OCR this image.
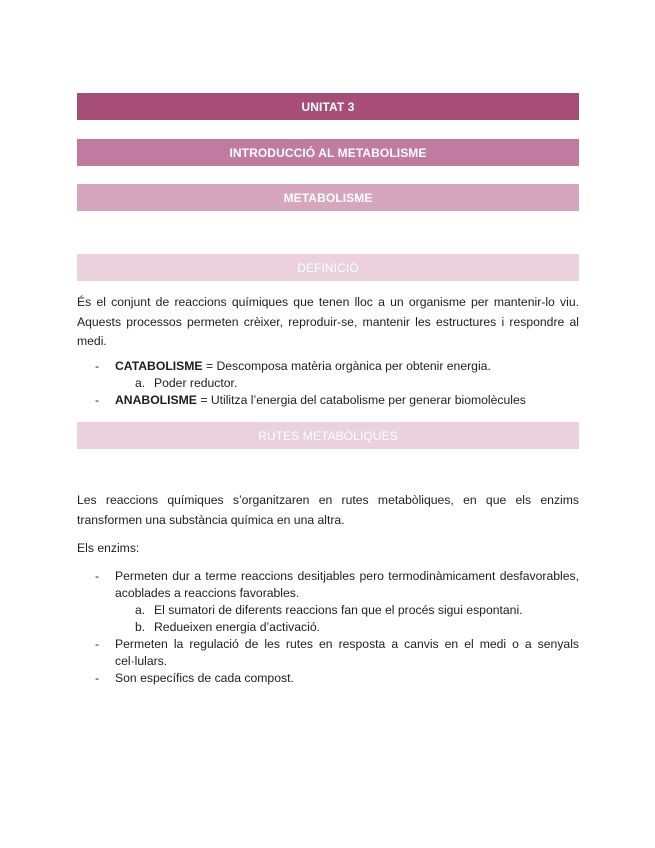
UNITAT 3
INTRODUCCIÓ AL METABOLISME
METABOLISME
DEFINICIÓ

És el conjunt de reaccions químiques que tenen lloc a un organisme per mantenir-lo viu. Aquests processos permeten crèixer, reproduir-se, mantenir les estructures i respondre al medi.

- CATABOLISME = Descomposa matèria orgànica per obtenir energia.
a. Poder reductor.
- ANABOLISME = Utilitza l’energia del catabolisme per generar biomolècules
RUTES METABÒLIQUES

Les reaccions químiques s’organitzaren en rutes metabòliques, en que els enzims transformen una substància química en una altra.

Els enzims:

- Permeten dur a terme reaccions desitjables pero termodinàmicament desfavorables, acoblades a reaccions favorables.
a. El sumatori de diferents reaccions fan que el procés sigui espontani.
b. Redueixen energia d’activació.
- Permeten la regulació de les rutes en resposta a canvis en el medi o a senyals cel·lulars.
- Son específics de cada compost.
